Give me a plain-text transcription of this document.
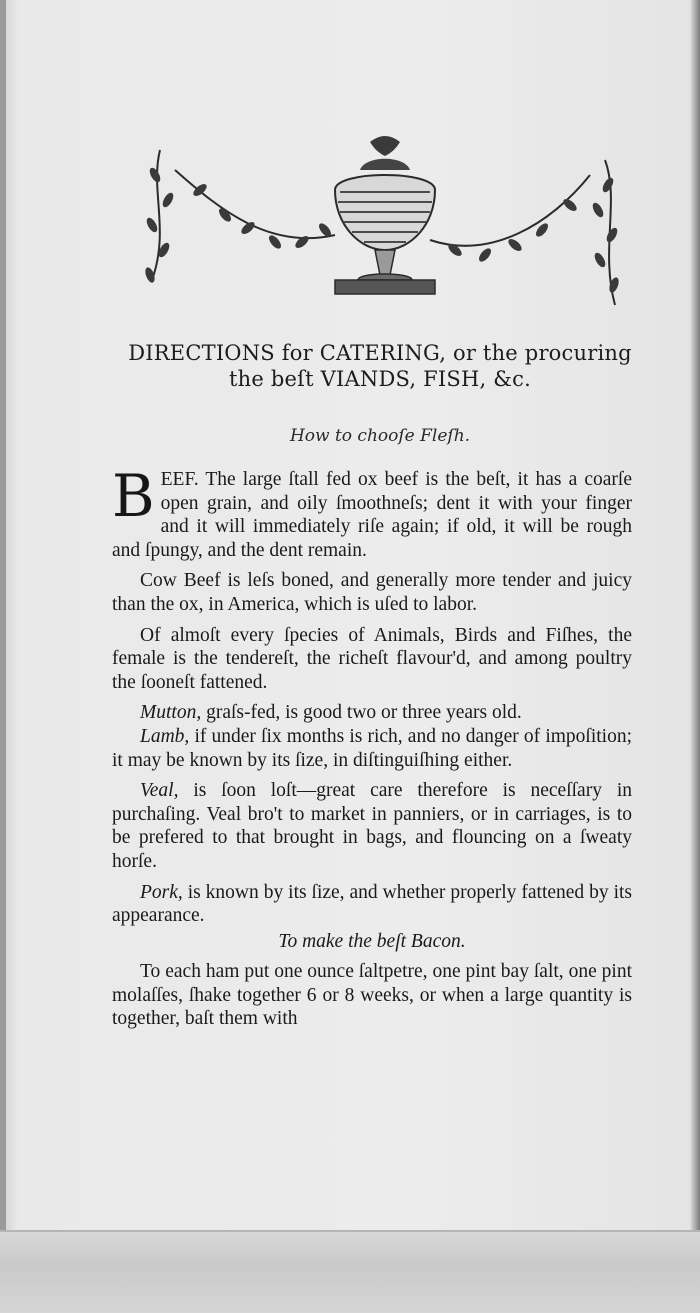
DIRECTIONS for CATERING, or the procuring
the beſt VIANDS, FISH, &c.
How to chooſe Fleſh.

BEEF. The large ſtall fed ox beef is the beſt, it has a coarſe open grain, and oily ſmoothneſs; dent it with your finger and it will immediately riſe again; if old, it will be rough and ſpungy, and the dent remain.

Cow Beef is leſs boned, and generally more tender and juicy than the ox, in America, which is uſed to labor.

Of almoſt every ſpecies of Animals, Birds and Fiſhes, the female is the tendereſt, the richeſt flavour'd, and among poultry the ſooneſt fattened.

Mutton, graſs-fed, is good two or three years old.

Lamb, if under ſix months is rich, and no danger of impoſition; it may be known by its ſize, in diſtinguiſhing either.

Veal, is ſoon loſt—great care therefore is neceſſary in purchaſing. Veal bro't to market in panniers, or in carriages, is to be prefered to that brought in bags, and flouncing on a ſweaty horſe.

Pork, is known by its ſize, and whether properly fattened by its appearance.

To make the beſt Bacon.

To each ham put one ounce ſaltpetre, one pint bay ſalt, one pint molaſſes, ſhake together 6 or 8 weeks, or when a large quantity is together, baſt them with
